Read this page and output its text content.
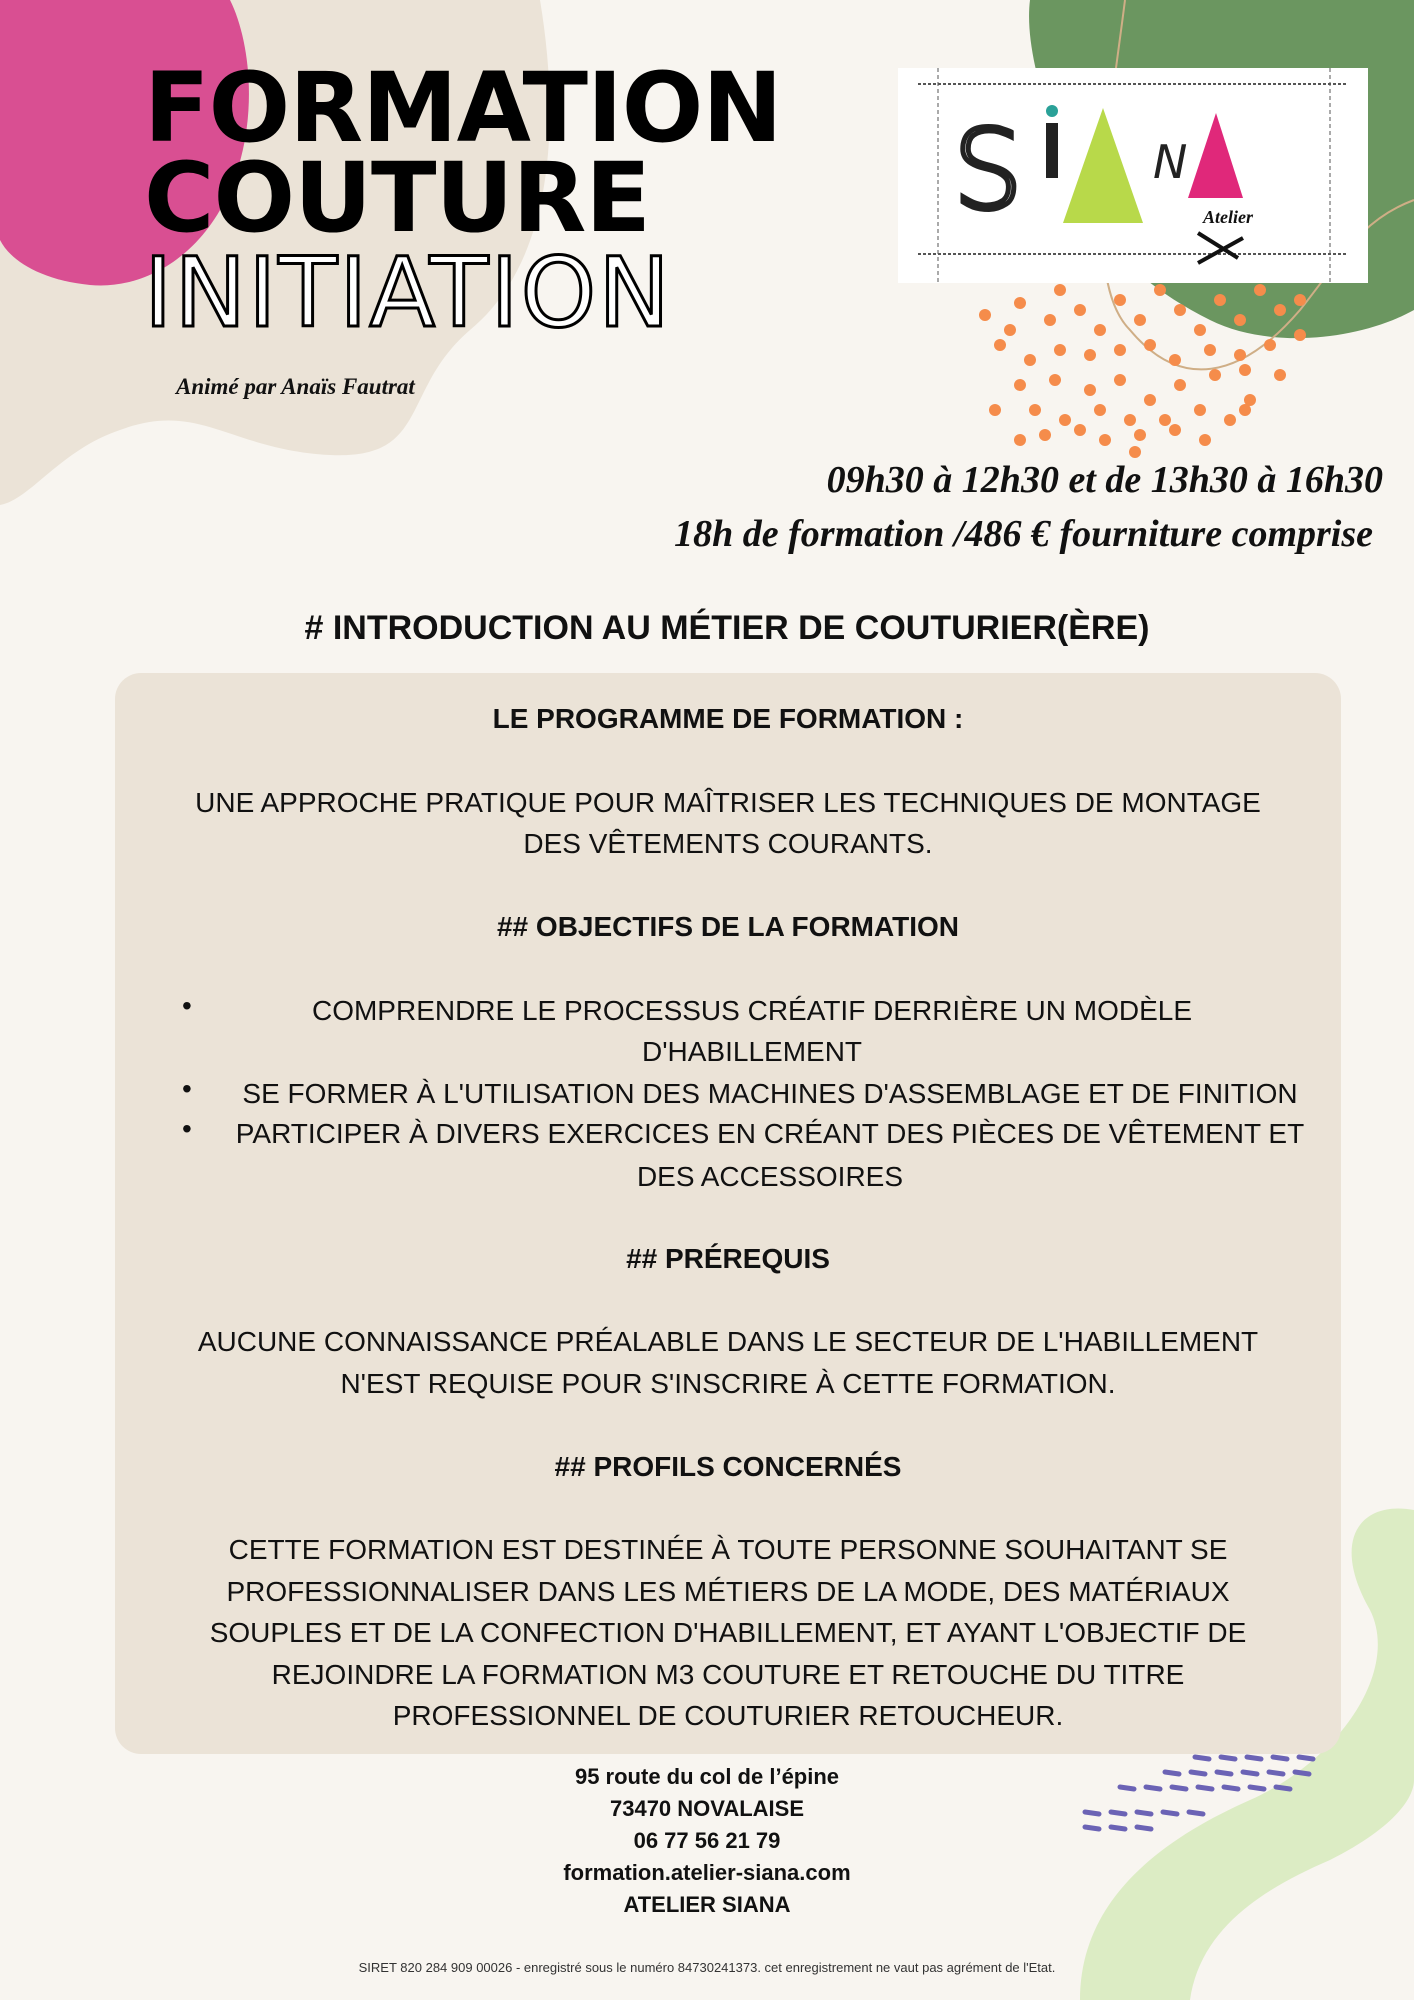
FORMATION
COUTURE
INITIATION
Animé par Anaïs Fautrat
S	N
Atelier
09h30 à 12h30 et de 13h30 à 16h30
18h de formation /486 € fourniture comprise
# INTRODUCTION AU MÉTIER DE COUTURIER(ÈRE)
LE PROGRAMME DE FORMATION :
UNE APPROCHE PRATIQUE POUR MAÎTRISER LES TECHNIQUES DE MONTAGE
DES VÊTEMENTS COURANTS.
## OBJECTIFS DE LA FORMATION
•	COMPRENDRE LE PROCESSUS CRÉATIF DERRIÈRE UN MODÈLE
D'HABILLEMENT
•	SE FORMER À L'UTILISATION DES MACHINES D'ASSEMBLAGE ET DE FINITION
•	PARTICIPER À DIVERS EXERCICES EN CRÉANT DES PIÈCES DE VÊTEMENT ET
DES ACCESSOIRES
## PRÉREQUIS
AUCUNE CONNAISSANCE PRÉALABLE DANS LE SECTEUR DE L'HABILLEMENT
N'EST REQUISE POUR S'INSCRIRE À CETTE FORMATION.
## PROFILS CONCERNÉS
CETTE FORMATION EST DESTINÉE À TOUTE PERSONNE SOUHAITANT SE
PROFESSIONNALISER DANS LES MÉTIERS DE LA MODE, DES MATÉRIAUX
SOUPLES ET DE LA CONFECTION D'HABILLEMENT, ET AYANT L'OBJECTIF DE
REJOINDRE LA FORMATION M3 COUTURE ET RETOUCHE DU TITRE
PROFESSIONNEL DE COUTURIER RETOUCHEUR.
95 route du col de l’épine
73470 NOVALAISE
06 77 56 21 79
formation.atelier-siana.com
ATELIER SIANA
SIRET 820 284 909 00026 - enregistré sous le numéro 84730241373. cet enregistrement ne vaut pas agrément de l'Etat.
